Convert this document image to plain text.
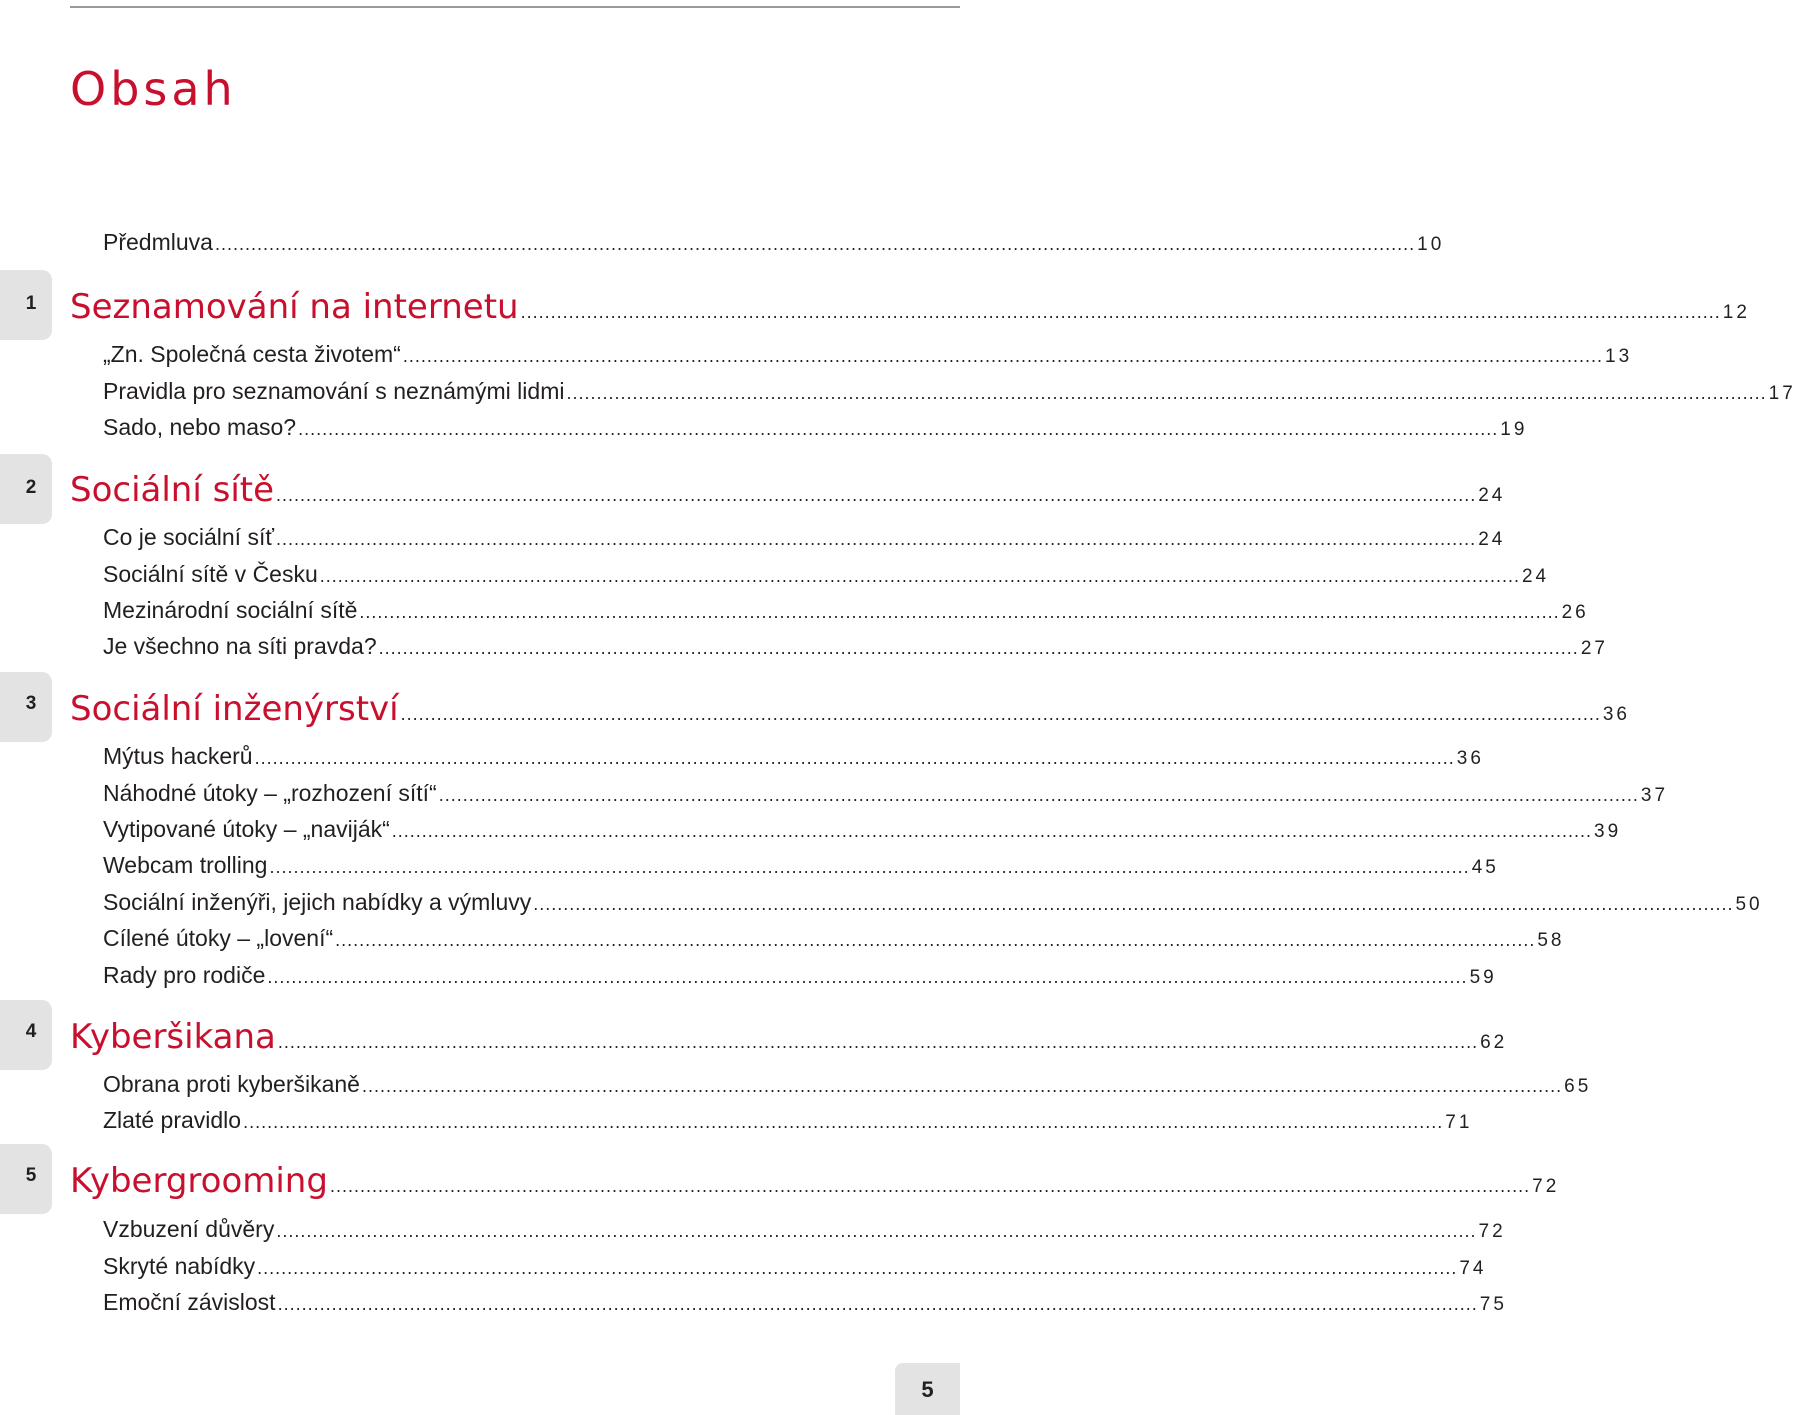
Obsah
1
2
3
4
5
Předmluva ........................................................................................................................................................................................................ 10
Seznamování na internetu ........................................................................................................................................................................................................ 12
„Zn. Společná cesta životem“ ........................................................................................................................................................................................................ 13
Pravidla pro seznamování s neznámými lidmi ........................................................................................................................................................................................................ 17
Sado, nebo maso? ........................................................................................................................................................................................................ 19
Sociální sítě ........................................................................................................................................................................................................ 24
Co je sociální síť ........................................................................................................................................................................................................ 24
Sociální sítě v Česku ........................................................................................................................................................................................................ 24
Mezinárodní sociální sítě ........................................................................................................................................................................................................ 26
Je všechno na síti pravda? ........................................................................................................................................................................................................ 27
Sociální inženýrství ........................................................................................................................................................................................................ 36
Mýtus hackerů ........................................................................................................................................................................................................ 36
Náhodné útoky – „rozhození sítí“ ........................................................................................................................................................................................................ 37
Vytipované útoky – „naviják“ ........................................................................................................................................................................................................ 39
Webcam trolling ........................................................................................................................................................................................................ 45
Sociální inženýři, jejich nabídky a výmluvy ........................................................................................................................................................................................................ 50
Cílené útoky – „lovení“ ........................................................................................................................................................................................................ 58
Rady pro rodiče ........................................................................................................................................................................................................ 59
Kyberšikana ........................................................................................................................................................................................................ 62
Obrana proti kyberšikaně ........................................................................................................................................................................................................ 65
Zlaté pravidlo ........................................................................................................................................................................................................ 71
Kybergrooming ........................................................................................................................................................................................................ 72
Vzbuzení důvěry ........................................................................................................................................................................................................ 72
Skryté nabídky ........................................................................................................................................................................................................ 74
Emoční závislost ........................................................................................................................................................................................................ 75
5
